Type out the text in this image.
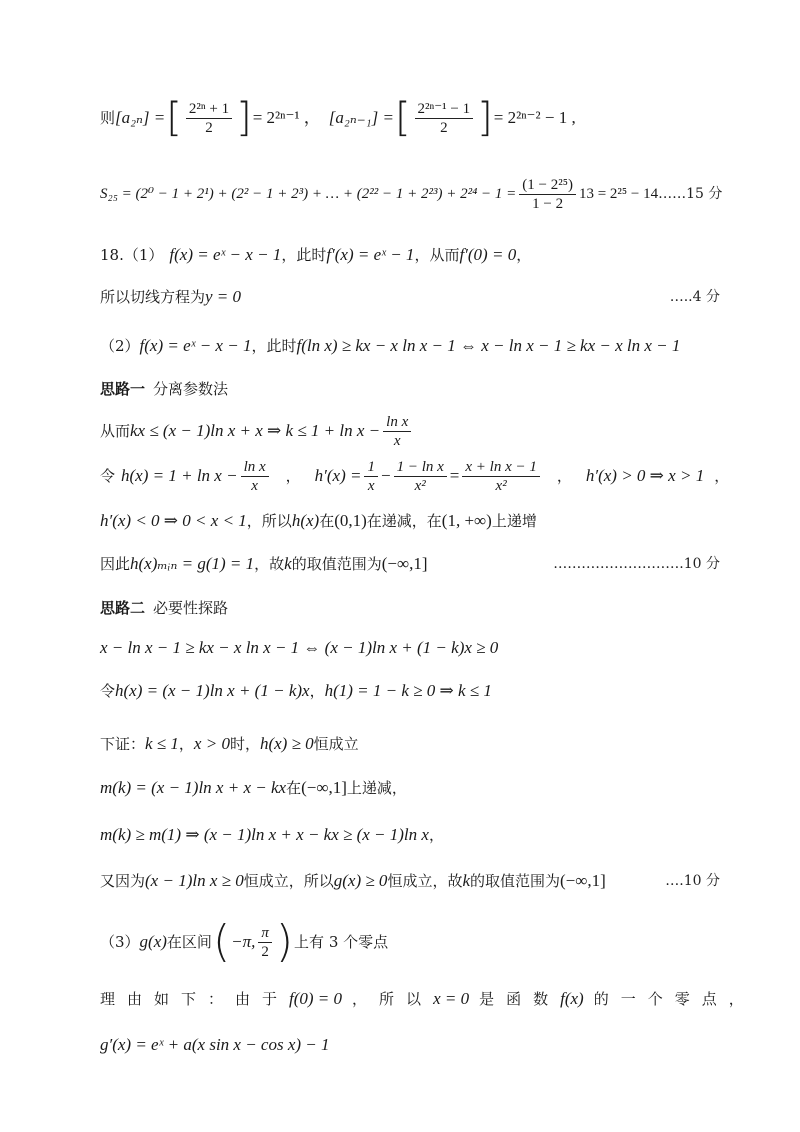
则 [a₂ₙ] = [ $\frac{\text{2²ⁿ + 1}}{2}$ ] = 2²ⁿ⁻¹ ， [a₂ₙ₋₁] = [ $\frac{\text{2²ⁿ⁻¹ − 1}}{2}$ ] = 2²ⁿ⁻² − 1 ,
S₂₅ = (2⁰ − 1 + 2¹) + (2² − 1 + 2³) + … + $(2^{22} - 1 + 2^{23}) + 2^{24} - 1 = \frac{\text{(1 − 2²⁵)}}{1 - 2} 13 = 2^{25} - 14$ ……15 分
18.（1） f(x) = eˣ − x − 1 ，此时 f′(x) = eˣ − 1 ，从而 f′(0) = 0 ，
所以切线方程为 y = 0	…..4 分
（2） f(x) = eˣ − x − 1 ，此时 f(ln x) ≥ kx − x ln x − 1 ⇔ x − ln x − 1 ≥ kx − x ln x − 1
思路一 分离参数法
从而 kx ≤ (x − 1)ln x + x ⇒ $k \le 1 + \ln x - \frac{\text{ln x}}{x}$
令 $h(x) = 1 + \ln x - \frac{\text{ln x}}{x}$ ， $h'(x) = \frac{1}{x} - \frac{\text{1 − ln x}}{\text{x²}} = \frac{\text{x + ln x − 1}}{\text{x²}}$ ， h′(x) > 0 ⇒ x > 1 ，
h′(x) < 0 ⇒ 0 < x < 1 ，所以 h(x) 在 (0,1) 在递减，在 (1, +∞) 上递增
因此 h(x)ₘᵢₙ = g(1) = 1 ，故 k 的取值范围为 (−∞,1]	……………………….10 分
思路二 必要性探路
x − ln x − 1 ≥ kx − x ln x − 1 ⇔ (x − 1)ln x + (1 − k)x ≥ 0
令 h(x) = (x − 1)ln x + (1 − k)x ， h(1) = 1 − k ≥ 0 ⇒ k ≤ 1
下证： k ≤ 1 ， x > 0 时， h(x) ≥ 0 恒成立
m(k) = (x − 1)ln x + x − kx 在 (−∞,1] 上递减，
m(k) ≥ m(1) ⇒ (x − 1)ln x + x − kx ≥ (x − 1)ln x ，
又因为 (x − 1)ln x ≥ 0 恒成立，所以 g(x) ≥ 0 恒成立，故 k 的取值范围为 (−∞,1]	….10 分
（3） g(x) 在区间 ( −π, $\frac{\pi}{2}$ ) 上有 3 个零点
理由如下：由于 f(0) = 0 ，所以 x = 0 是函数 f(x) 的一个零点，
g′(x) = eˣ + a(x sin x − cos x) − 1
